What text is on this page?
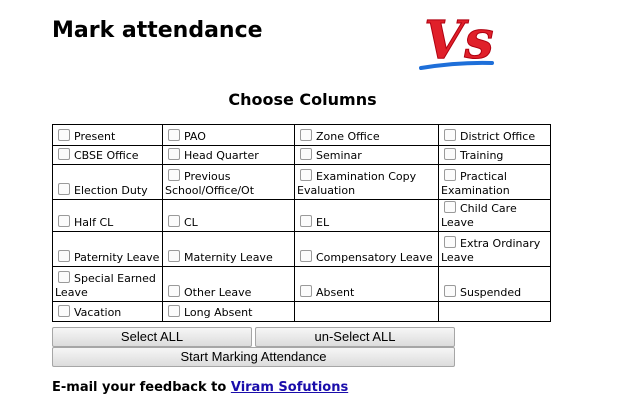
Mark attendance	Vs
Choose Columns
Present	PAO	Zone Office	District Office
CBSE Office	Head Quarter	Seminar	Training
Election Duty	Previous School/Office/Ot	Examination Copy Evaluation	Practical Examination
Half CL	CL	EL	Child Care Leave
Paternity Leave	Maternity Leave	Compensatory Leave	Extra Ordinary Leave
Special Earned Leave	Other Leave	Absent	Suspended
Vacation	Long Absent		
Select ALL	un-Select ALL
Start Marking Attendance
E-mail your feedback to Viram Sofutions
